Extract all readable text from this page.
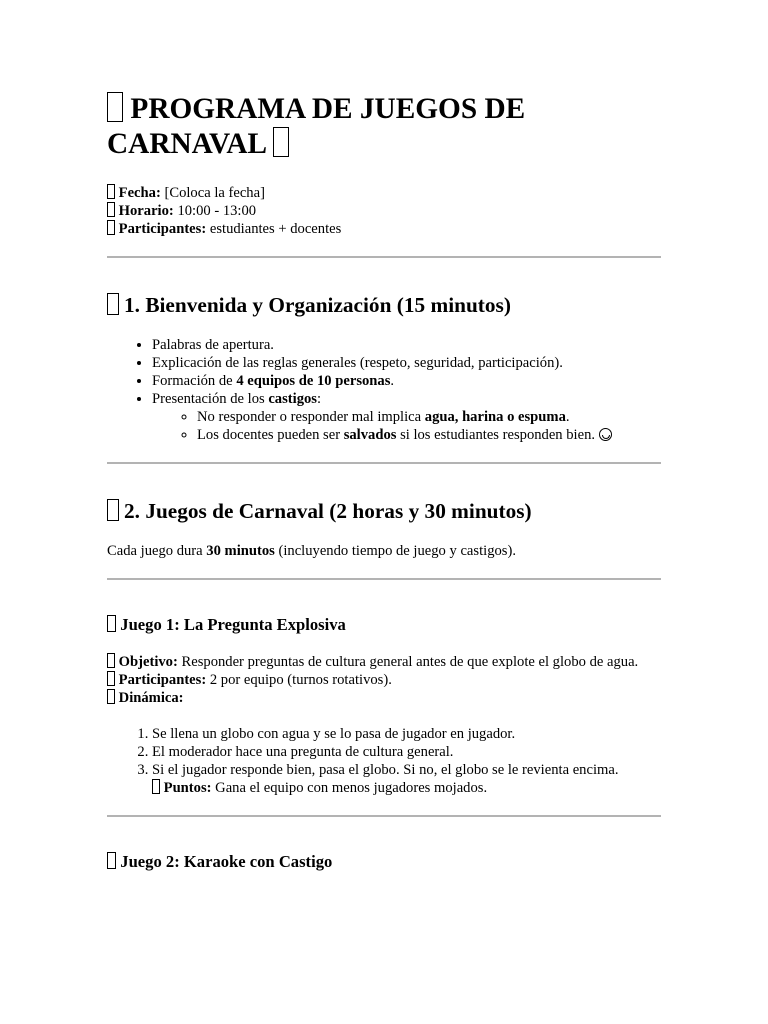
PROGRAMA DE JUEGOS DE CARNAVAL

Fecha: [Coloca la fecha]

Horario: 10:00 - 13:00

Participantes: estudiantes + docentes

1. Bienvenida y Organización (15 minutos)
• Palabras de apertura.
• Explicación de las reglas generales (respeto, seguridad, participación).
• Formación de 4 equipos de 10 personas.
• Presentación de los castigos:
◦ No responder o responder mal implica agua, harina o espuma.
◦ Los docentes pueden ser salvados si los estudiantes responden bien.
2. Juegos de Carnaval (2 horas y 30 minutos)

Cada juego dura 30 minutos (incluyendo tiempo de juego y castigos).

Juego 1: La Pregunta Explosiva

Objetivo: Responder preguntas de cultura general antes de que explote el globo de agua.

Participantes: 2 por equipo (turnos rotativos).

Dinámica:

1. Se llena un globo con agua y se lo pasa de jugador en jugador.
2. El moderador hace una pregunta de cultura general.
3. Si el jugador responde bien, pasa el globo. Si no, el globo se le revienta encima.
Puntos: Gana el equipo con menos jugadores mojados.
Juego 2: Karaoke con Castigo
